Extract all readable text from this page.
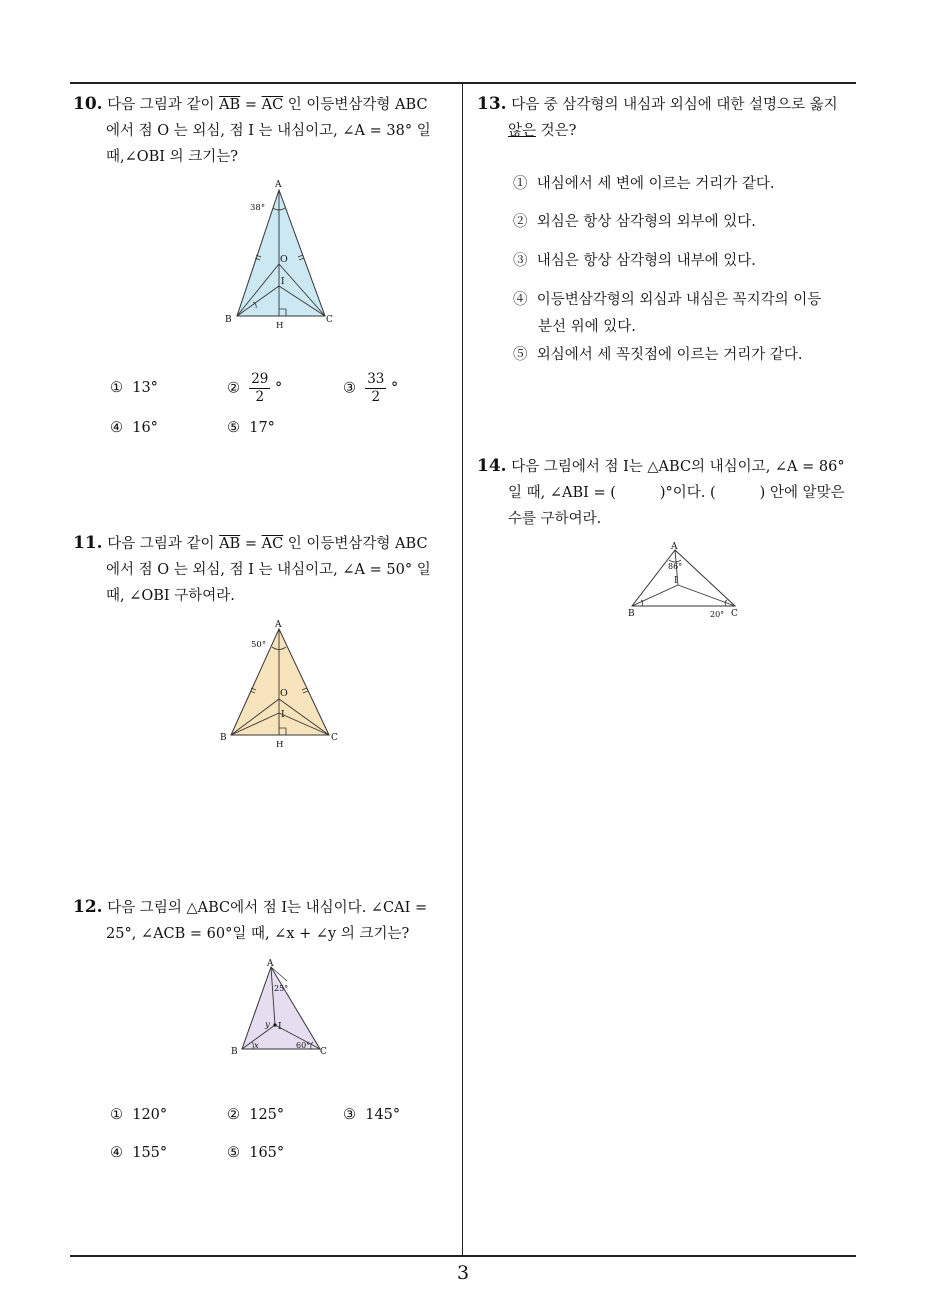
10. 다음 그림과 같이 $\overline{AB} = \overline{AC}$ 인 이등변삼각형 ABC
에서 점 O 는 외심, 점 I 는 내심이고, ∠A = 38° 일
때,∠OBI 의 크기는?
A
38°
O
I
B	C
H
① 13°	② $\frac{29}{2}$ °	③ $\frac{33}{2}$ °
④ 16°	⑤ 17°
11. 다음 그림과 같이 $\overline{AB} = \overline{AC}$ 인 이등변삼각형 ABC
에서 점 O 는 외심, 점 I 는 내심이고, ∠A = 50° 일
때, ∠OBI 구하여라.
A
50°
O
I
B	C
H
12. 다음 그림의 △ABC에서 점 I는 내심이다. ∠CAI =
25°, ∠ACB = 60°일 때, ∠x + ∠y 의 크기는?
A
25°
y I
x	60°
B	C
① 120°	② 125°	③ 145°
④ 155°	⑤ 165°
13. 다음 중 삼각형의 내심과 외심에 대한 설명으로 옳지
않은 것은?
① 내심에서 세 변에 이르는 거리가 같다.
② 외심은 항상 삼각형의 외부에 있다.
③ 내심은 항상 삼각형의 내부에 있다.
④ 이등변삼각형의 외심과 내심은 꼭지각의 이등
분선 위에 있다.
⑤ 외심에서 세 꼭짓점에 이르는 거리가 같다.
14. 다음 그림에서 점 I는 △ABC의 내심이고, ∠A = 86°
일 때, ∠ABI = (	)°이다. (	) 안에 알맞은
수를 구하여라.
A
86°
I
B	20° C
3
